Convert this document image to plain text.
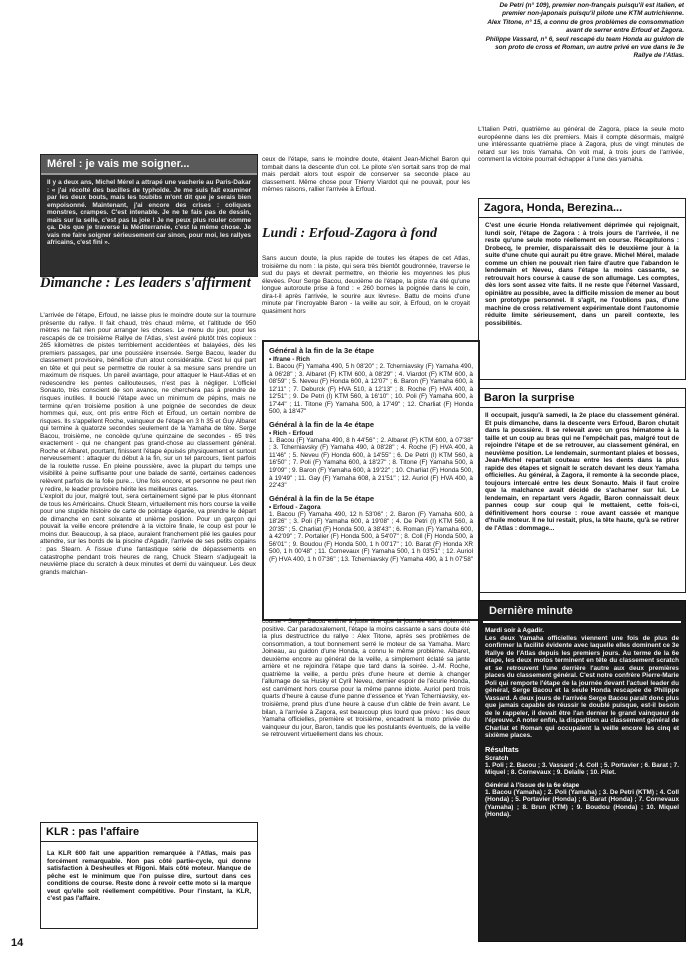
Mérel : je vais me soigner...
Il y a deux ans, Michel Mérel a attrapé une vacherie au Paris-Dakar : « j'ai récolté des bacilles de typhoïde. Je me suis fait examiner par les deux bouts, mais les toubibs m'ont dit que je serais bien empoisonné. Maintenant, j'ai encore des crises : coliques monstres, crampes. C'est intenable. Je ne te fais pas de dessin, mais sur la selle, c'est pas la joie ! Je ne peux plus rouler comme ça. Dès que je traverse la Méditerranée, c'est la même chose. Je vais me faire soigner sérieusement car sinon, pour moi, les rallyes africains, c'est fini ».
Dimanche : Les leaders s'affirment
L'arrivée de l'étape, Erfoud, ne laisse plus le moindre doute sur la tournure présente du rallye. Il fait chaud, très chaud même, et l'altitude de 950 mètres ne fait rien pour arranger les choses. Le menu du jour, pour les rescapés de ce troisième Rallye de l'Atlas, s'est avéré plutôt très copieux : 265 kilomètres de pistes terriblement accidentées et balayées, dès les premiers passages, par une poussière insensée. Serge Bacou, leader du classement provisoire, bénéficie d'un atout considérable. C'est lui qui part en tête et qui peut se permettre de rouler à sa mesure sans prendre un maximum de risques. Un pareil avantage, pour attaquer le Haut-Atlas et en redescendre les pentes caillouteuses, n'est pas à négliger. L'officiel Sonauto, très conscient de son avance, ne cherchera pas à prendre de risques inutiles. Il bouclé l'étape avec un minimum de pépins, mais ne termine qu'en troisième position à une poignée de secondes de deux hommes qui, eux, ont pris entre Rich et Erfoud, un certain nombre de risques. Ils s'appellent Roche, vainqueur de l'étape en 3 h 35 et Guy Albaret qui termine à quatorze secondes seulement de la Yamaha de tête. Serge Bacou, troisième, ne concède qu'une quinzaine de secondes - 65 très exactement - qui ne changent pas grand-chose au classement général. Roche et Albaret, pourtant, finissent l'étape épuisés physiquement et surtout nerveusement : attaquer du début à la fin, sur un tel parcours, tient parfois de la roulette russe. En pleine poussière, avec la plupart du temps une visibilité à peine suffisante pour une balade de santé, certaines cadences relèvent parfois de la folie pure... Une fois encore, et personne ne peut rien y redire, le leader provisoire hérite les meilleures cartes.
L'exploit du jour, malgré tout, sera certainement signé par le plus étonnant de tous les Américains. Chuck Stearn, virtuellement mis hors course la veille pour une stupide histoire de carte de pointage égarée, va prendre le départ de dimanche en cent soixante et unième position. Pour un garçon qui pouvait la veille encore prétendre à la victoire finale, le coup est pour le moins dur. Beaucoup, à sa place, auraient franchement plié les gaules pour attendre, sur les bords de la piscine d'Agadir, l'arrivée de ses petits copains : pas Stearn. A l'issue d'une fantastique série de dépassements en catastrophe pendant trois heures de rang, Chuck Stearn s'adjugeait la neuvième place du scratch à deux minutes et demi du vainqueur. Les deux grands malchan-
KLR : pas l'affaire
La KLR 600 fait une apparition remarquée à l'Atlas, mais pas forcément remarquable. Non pas côté partie-cycle, qui donne satisfaction à Desheulles et Rigoni. Mais côté moteur. Manque de pêche est le minimum que l'on puisse dire, surtout dans ces conditions de course. Reste donc à revoir cette moto si la marque veut qu'elle soit réellement compétitive. Pour l'instant, la KLR, c'est pas l'affaire.
14
ceux de l'étape, sans le moindre doute, étaient Jean-Michel Baron qui tombait dans la descente d'un col. Le pilote s'en sortait sans trop de mal mais perdait alors tout espoir de conserver sa seconde place au classement. Même chose pour Thierry Viardot qui ne pouvait, pour les mêmes raisons, rallier l'arrivée à Erfoud.
Lundi : Erfoud-Zagora à fond
Sans aucun doute, la plus rapide de toutes les étapes de cet Atlas, troisième du nom : la piste, qui sera très bientôt goudronnée, traverse le sud du pays et devrait permettre, en théorie les moyennes les plus élevées. Pour Serge Bacou, deuxième de l'étape, la piste n'a été qu'une longue autoroute prise à fond : « 260 bornes la poignée dans le coin, dira-t-il après l'arrivée, le sourire aux lèvres». Battu de moins d'une minute par l'incroyable Baron - la veille au soir, à Erfoud, on le croyait quasiment hors
Général à la fin de la 3e étape
• Ifrane - Rich
1. Bacou (F) Yamaha 490, 5 h 08'20" ; 2. Tcherniavsky (F) Yamaha 490, à 06'28" ; 3. Albaret (F) KTM 600, à 08'29" ; 4. Viardot (F) KTM 600, à 08'59" ; 5. Neveu (F) Honda 600, à 12'07" ; 6. Baron (F) Yamaha 600, à 12'11" ; 7. Deburck (F) HVA 510, à 12'13" ; 8. Roche (F) HVA 400, à 12'51" ; 9. De Petri (I) KTM 560, à 16'10" ; 10. Poli (F) Yamaha 600, à 17'44" ; 11. Titone (F) Yamaha 500, à 17'49" ; 12. Charliat (F) Honda 500, à 18'47"
Général à la fin de la 4e étape
• Rich - Erfoud
1. Bacou (F) Yamaha 490, 8 h 44'56" ; 2. Albaret (F) KTM 600, à 07'38" ; 3. Tcherniavsky (F) Yamaha 490, à 08'28" ; 4. Roche (F) HVA 400, à 11'46" ; 5. Neveu (F) Honda 600, à 14'55" ; 6. De Petri (I) KTM 560, à 16'50" ; 7. Poli (F) Yamaha 600, à 18'27" ; 8. Titone (F) Yamaha 500, à 19'09" ; 9. Baron (F) Yamaha 600, à 19'22" ; 10. Charliat (F) Honda 500, à 19'49" ; 11. Gay (F) Yamaha 608, à 21'51" ; 12. Auriol (F) HVA 400, à 22'43"
Général à la fin de la 5e étape
• Erfoud - Zagora
1. Bacou (F) Yamaha 490, 12 h 53'06" ; 2. Baron (F) Yamaha 600, à 18'26" ; 3. Poli (F) Yamaha 600, à 19'08" ; 4. De Petri (I) KTM 560, à 20'35" ; 5. Charliat (F) Honda 500, à 38'43" ; 6. Roman (F) Yamaha 600, à 42'09" ; 7. Portalier (F) Honda 500, à 54'07" ; 8. Coll (F) Honda 500, à 56'01" ; 9. Boudou (F) Honda 500, 1 h 00'17" ; 10. Barat (F) Honda XR 500, 1 h 00'48" ; 11. Cornevaux (F) Yamaha 500, 1 h 03'51" ; 12. Auriol (F) HVA 400, 1 h 07'36" ; 13. Tcherniavsky (F) Yamaha 490, à 1 h 07'58"
course - Serge Bacou estime à juste titre que la journée est amplement positive. Car paradoxalement, l'étape la moins cassante a sans doute été la plus destructrice du rallye : Alex Titone, après ses problèmes de consommation, a tout bonnement serré le moteur de sa Yamaha. Marc Joineau, au guidon d'une Honda, a connu le même problème. Albaret, deuxième encore au général de la veille, a simplement éclaté sa jante arrière et ne rejoindra l'étape que tard dans la soirée. J.-M. Roche, quatrième la veille, a perdu près d'une heure et demie à changer l'allumage de sa Husky et Cyril Neveu, dernier espoir de l'écurie Honda, est carrément hors course pour la même panne idiote. Auriol perd trois quarts d'heure à cause d'une panne d'essence et Yvan Tcherniavsky, ex-troisième, prend plus d'une heure à cause d'un câble de frein avant. Le bilan, à l'arrivée à Zagora, est beaucoup plus lourd que prévu : les deux Yamaha officielles, première et troisième, encadrent la moto privée du vainqueur du jour, Baron, tandis que les postulants éventuels, de la veille se retrouvent virtuellement dans les choux.

De Petri (n° 109), premier non-français puisqu'il est italien, et premier non-japonais puisqu'il pilote une KTM autrichienne.

Alex Titone, n° 15, a connu de gros problèmes de consommation avant de serrer entre Erfoud et Zagora.

Philippe Vassard, n° 6, seul rescapé du team Honda au guidon de son proto de cross et Roman, un autre privé en vue dans le 3e Rallye de l'Atlas.

L'Italien Petri, quatrième au général de Zagora, place la seule moto européenne dans les dix premiers. Mais il compte désormais, malgré une intéressante quatrième place à Zagora, plus de vingt minutes de retard sur les trois Yamaha. On voit mal, à trois jours de l'arrivée, comment la victoire pourrait échapper à l'une des yamaha.
Zagora, Honda, Berezina...
C'est une écurie Honda relativement déprimée qui rejoignait, lundi soir, l'étape de Zagora : à trois jours de l'arrivée, il ne reste qu'une seule moto réellement en course. Récapitulons : Drobecq, le premier, disparaissait dès le deuxième jour à la suite d'une chute qui aurait pu être grave. Michel Mérel, malade comme un chien ne pouvait rien faire d'autre que l'abandon le lendemain et Neveu, dans l'étape la moins cassante, se retrouvait hors course à cause de son allumage. Les comptes, dès lors sont assez vite faits. Il ne reste que l'éternel Vassard, opiniâtre au possible, avec la difficile mission de mener au bout son prototype personnel. Il s'agit, ne l'oublions pas, d'une machine de cross relativement expérimentale dont l'autonomie réduite limite sérieusement, dans un pareil contexte, les possibilités.
Baron la surprise
Il occupait, jusqu'à samedi, la 2e place du classement général. Et puis dimanche, dans la descente vers Erfoud, Baron chutait dans la poussière. Il se relevait avec un gros hématome à la taille et un coup au bras qui ne l'empêchait pas, malgré tout de rejoindre l'étape et de se retrouver, au classement général, en neuvième position. Le lendemain, surmontant plaies et bosses, Jean-Michel repartait couteau entre les dents dans la plus rapide des étapes et signait le scratch devant les deux Yamaha officielles. Au général, à Zagora, il remonte à la seconde place, toujours intercalé entre les deux Sonauto. Mais il faut croire que la malchance avait décidé de s'acharner sur lui. Le lendemain, en repartant vers Agadir, Baron connaissait deux pannes coup sur coup qui le mettaient, cette fois-ci, définitivement hors course : roue avant cassée et manque d'huile moteur. Il ne lui restait, plus, la tête haute, qu'à se retirer de l'Atlas : dommage...
Dernière minute
Mardi soir à Agadir.
Les deux Yamaha officielles viennent une fois de plus de confirmer la facilité évidente avec laquelle elles dominent ce 3e Rallye de l'Atlas depuis les premiers jours. Au terme de la 6e étape, les deux motos terminent en tête du classement scratch et se retrouvent l'une derrière l'autre aux deux premières places du classement général. C'est notre confrère Pierre-Marie Poli qui remporte l'étape de la journée devant l'actuel leader du général, Serge Bacou et la seule Honda rescapée de Philippe Vassard. A deux jours de l'arrivée Serge Bacou paraît donc plus que jamais capable de réussir le doublé puisque, est-il besoin de le rappeler, il devait être l'an dernier le grand vainqueur de l'épreuve. A noter enfin, la disparition au classement général de Charliat et Roman qui occupaient la veille encore les cinq et sixième places.
Résultats
Scratch
1. Poli ; 2. Bacou ; 3. Vassard ; 4. Coll ; 5. Portavier ; 6. Barat ; 7. Miquel ; 8. Cornevaux ; 9. Delalle ; 10. Pilet.
Général à l'issue de la 6e étape
1. Bacou (Yamaha) ; 2. Poli (Yamaha) ; 3. De Petri (KTM) ; 4. Coll (Honda) ; 5. Portavier (Honda) ; 6. Barat (Honda) ; 7. Cornevaux (Yamaha) ; 8. Brun (KTM) ; 9. Boudou (Honda) ; 10. Miquel (Honda).
